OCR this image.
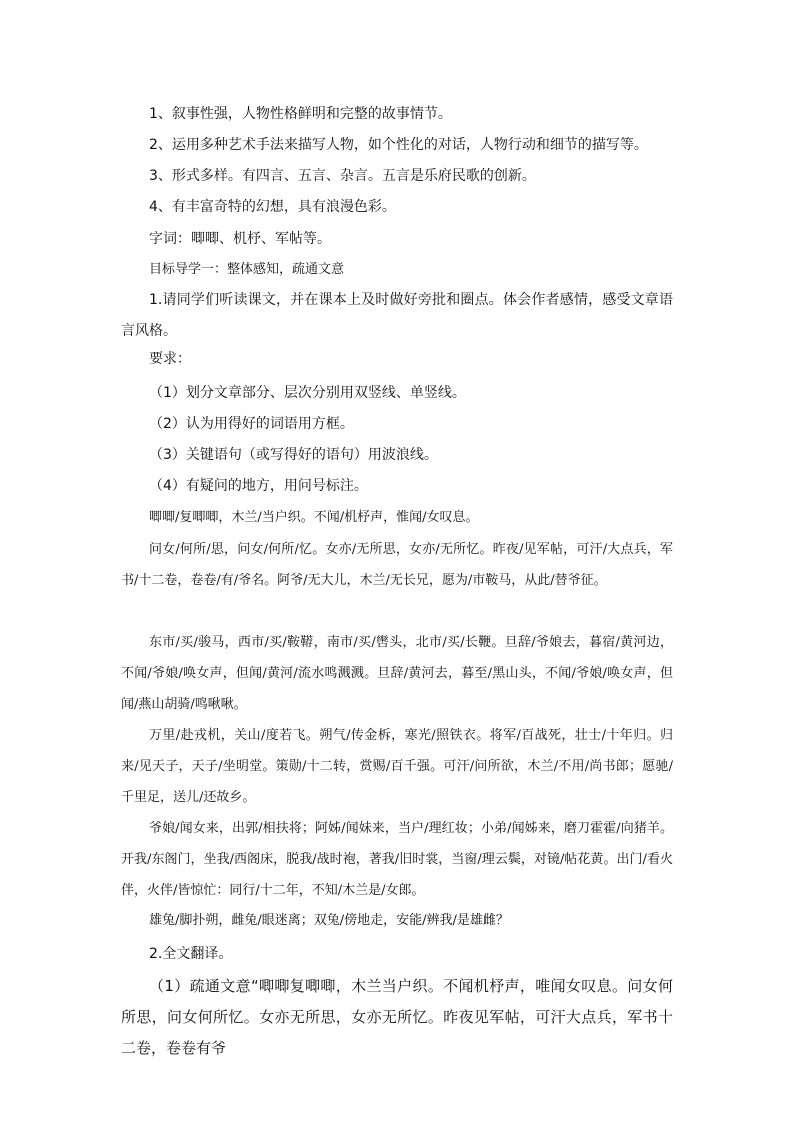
1、叙事性强，人物性格鲜明和完整的故事情节。
2、运用多种艺术手法来描写人物，如个性化的对话，人物行动和细节的描写等。
3、形式多样。有四言、五言、杂言。五言是乐府民歌的创新。
4、有丰富奇特的幻想，具有浪漫色彩。
字词：唧唧、机杼、军帖等。
目标导学一：整体感知，疏通文意

1.请同学们听读课文，并在课本上及时做好旁批和圈点。体会作者感情，感受文章语言风格。

要求：
（1）划分文章部分、层次分别用双竖线、单竖线。
（2）认为用得好的词语用方框。
（3）关键语句（或写得好的语句）用波浪线。
（4）有疑问的地方，用问号标注。
唧唧/复唧唧，木兰/当户织。不闻/机杼声，惟闻/女叹息。

问女/何所/思，问女/何所/忆。女亦/无所思，女亦/无所忆。昨夜/见军帖，可汗/大点兵，军书/十二卷，卷卷/有/爷名。阿爷/无大儿，木兰/无长兄，愿为/市鞍马，从此/替爷征。

东市/买/骏马，西市/买/鞍鞯，南市/买/辔头，北市/买/长鞭。旦辞/爷娘去，暮宿/黄河边，不闻/爷娘/唤女声，但闻/黄河/流水鸣溅溅。旦辞/黄河去，暮至/黑山头，不闻/爷娘/唤女声，但闻/燕山胡骑/鸣啾啾。

万里/赴戎机，关山/度若飞。朔气/传金柝，寒光/照铁衣。将军/百战死，壮士/十年归。归来/见天子，天子/坐明堂。策勋/十二转，赏赐/百千强。可汗/问所欲，木兰/不用/尚书郎；愿驰/千里足，送儿/还故乡。

爷娘/闻女来，出郭/相扶将；阿姊/闻妹来，当户/理红妆；小弟/闻姊来，磨刀霍霍/向猪羊。开我/东阁门，坐我/西阁床，脱我/战时袍，著我/旧时裳，当窗/理云鬓，对镜/帖花黄。出门/看火伴，火伴/皆惊忙：同行/十二年，不知/木兰是/女郎。

雄兔/脚扑朔，雌兔/眼迷离；双兔/傍地走，安能/辨我/是雄雌？
2.全文翻译。

（1）疏通文意“唧唧复唧唧，木兰当户织。不闻机杼声，唯闻女叹息。问女何所思，问女何所忆。女亦无所思，女亦无所忆。昨夜见军帖，可汗大点兵，军书十二卷，卷卷有爷
